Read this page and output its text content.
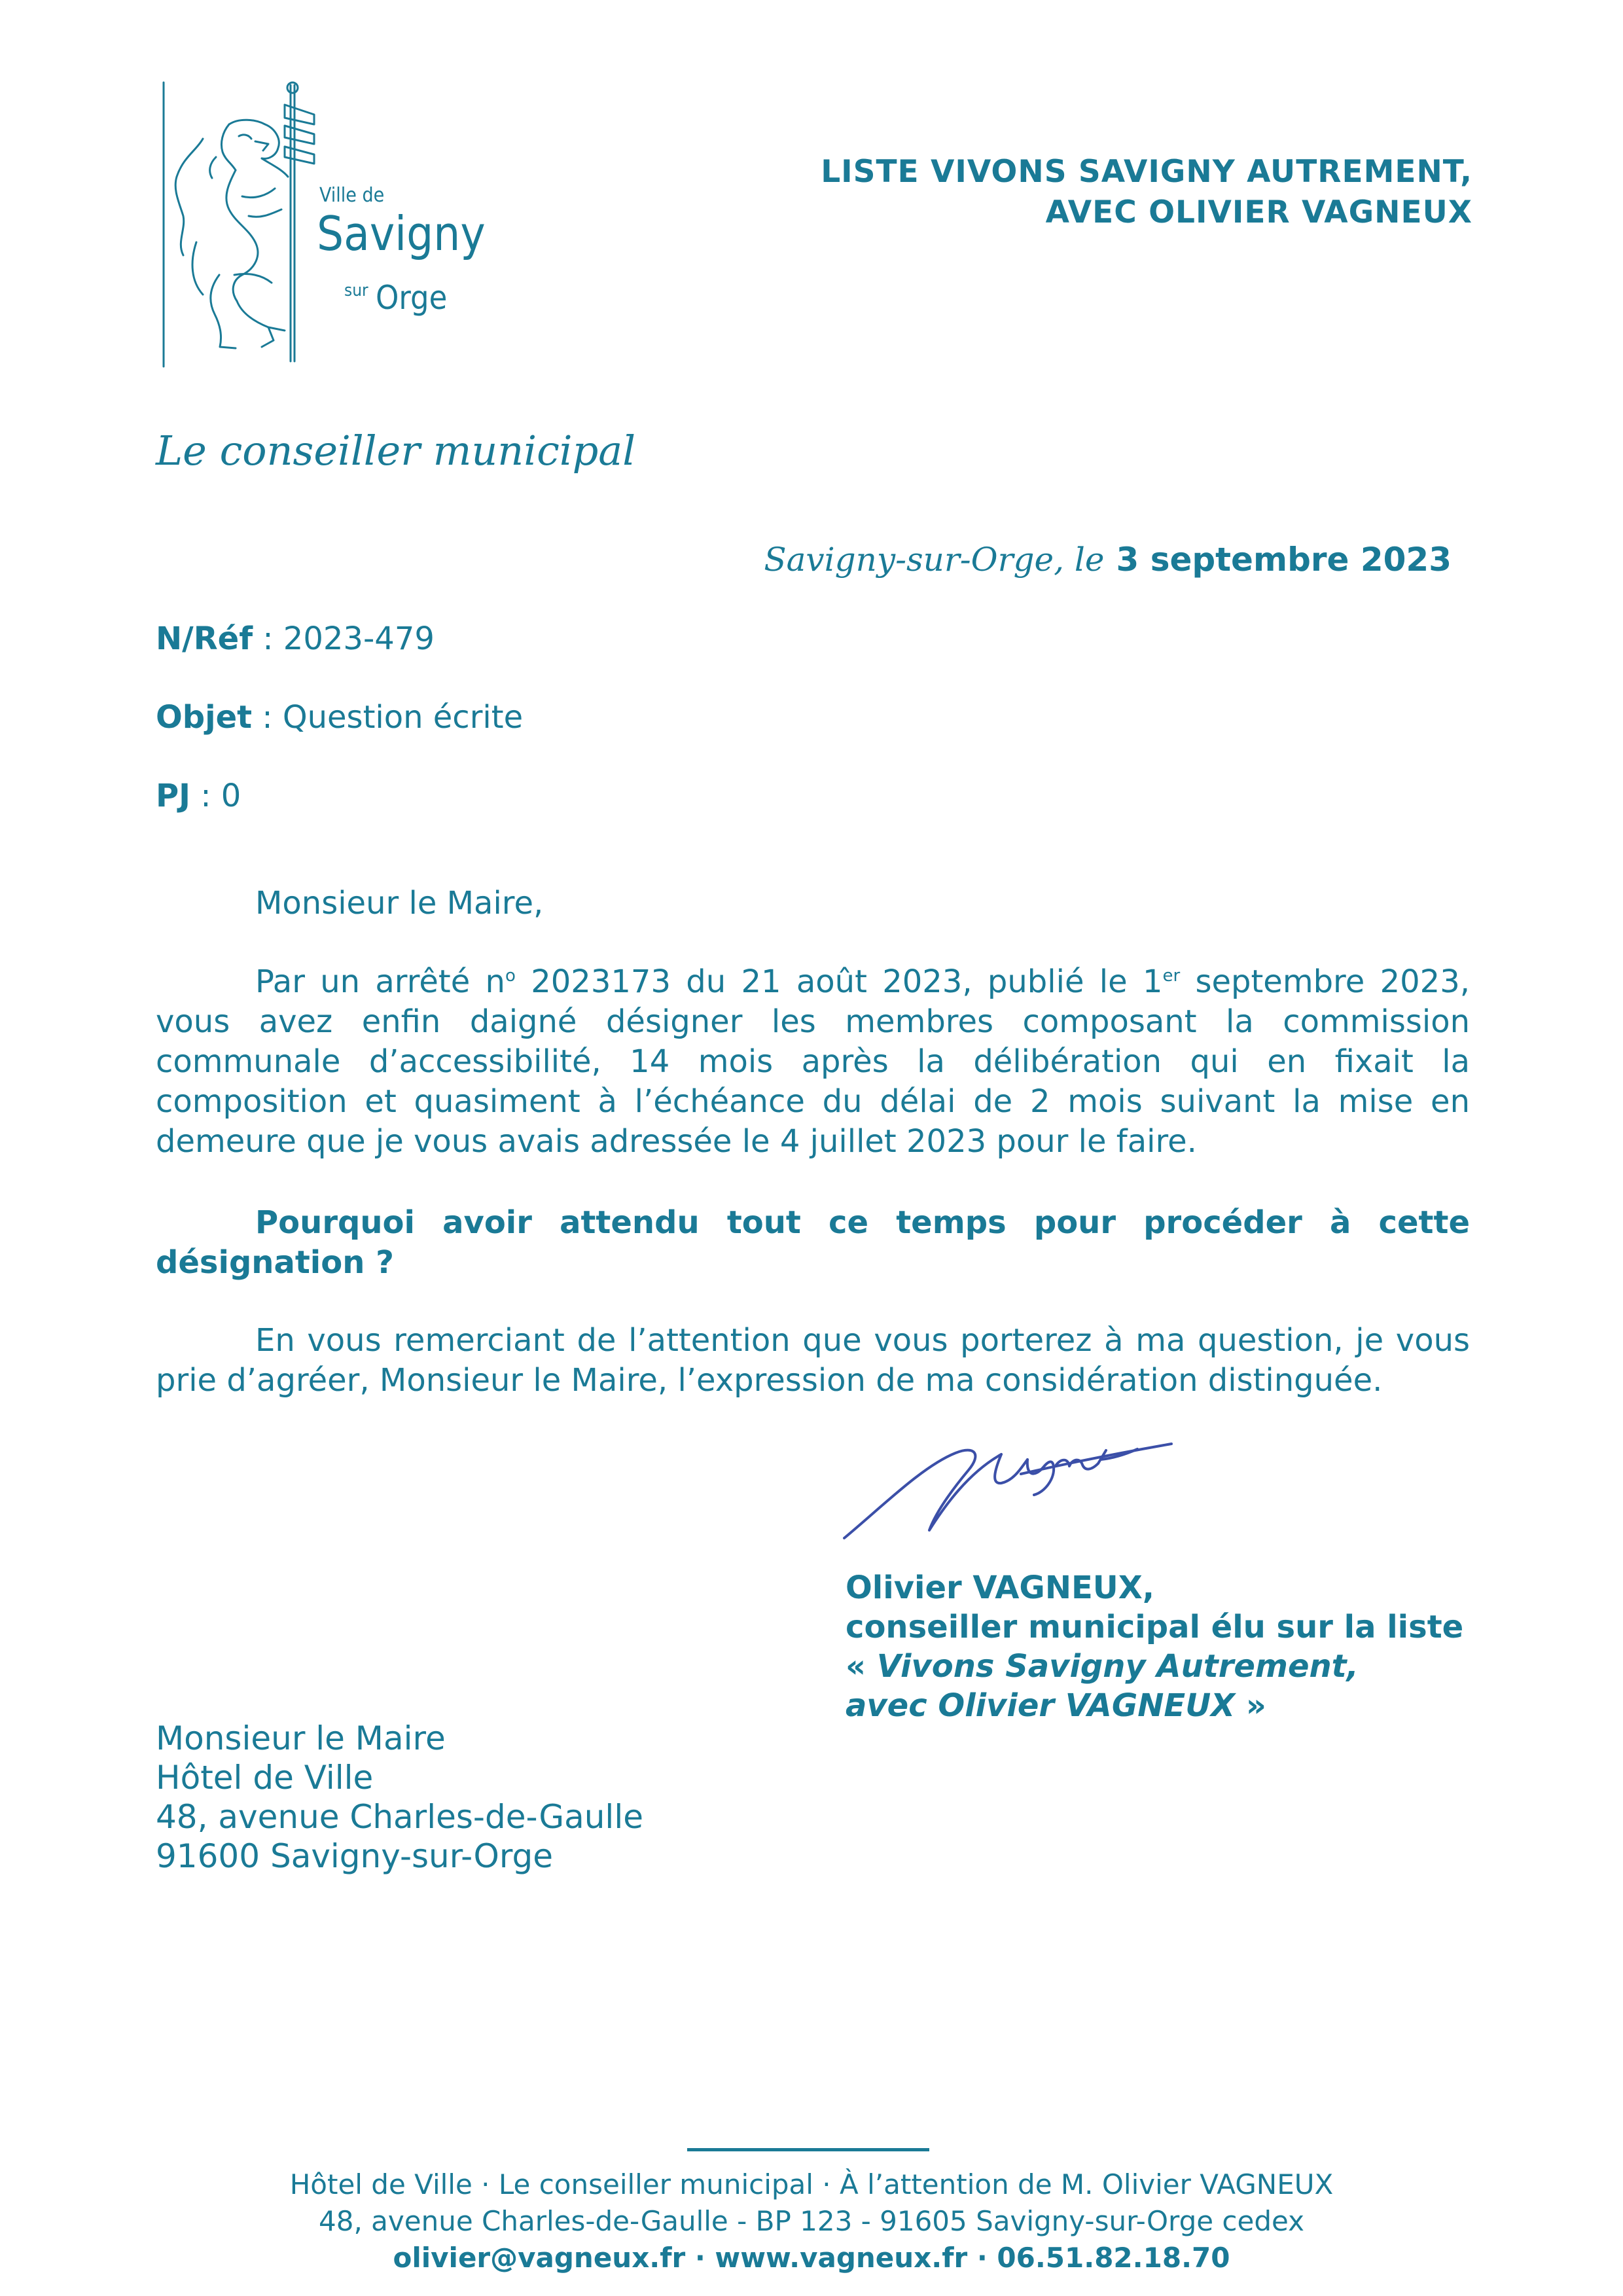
Ville de
Savigny
sur Orge
LISTE VIVONS SAVIGNY AUTREMENT,
AVEC OLIVIER VAGNEUX
Le conseiller municipal
Savigny-sur-Orge, le 3 septembre 2023
N/Réf : 2023-479
Objet : Question écrite
PJ : 0
Monsieur le Maire,
Par un arrêté $n^o$ 2023173 du 21 août 2023, publié le 1er septembre 2023, vous avez enfin daigné désigner les membres composant la commission communale d’accessibilité, 14 mois après la délibération qui en fixait la composition et quasiment à l’échéance du délai de 2 mois suivant la mise en demeure que je vous avais adressée le 4 juillet 2023 pour le faire.
Pourquoi avoir attendu tout ce temps pour procéder à cette désignation ?
En vous remerciant de l’attention que vous porterez à ma question, je vous prie d’agréer, Monsieur le Maire, l’expression de ma considération distinguée.
Vagneux
Olivier VAGNEUX,
conseiller municipal élu sur la liste
« Vivons Savigny Autrement,
avec Olivier VAGNEUX »
Monsieur le Maire
Hôtel de Ville
48, avenue Charles-de-Gaulle
91600 Savigny-sur-Orge
Hôtel de Ville · Le conseiller municipal · À l’attention de M. Olivier VAGNEUX
48, avenue Charles-de-Gaulle - BP 123 - 91605 Savigny-sur-Orge cedex
olivier@vagneux.fr · www.vagneux.fr · 06.51.82.18.70
